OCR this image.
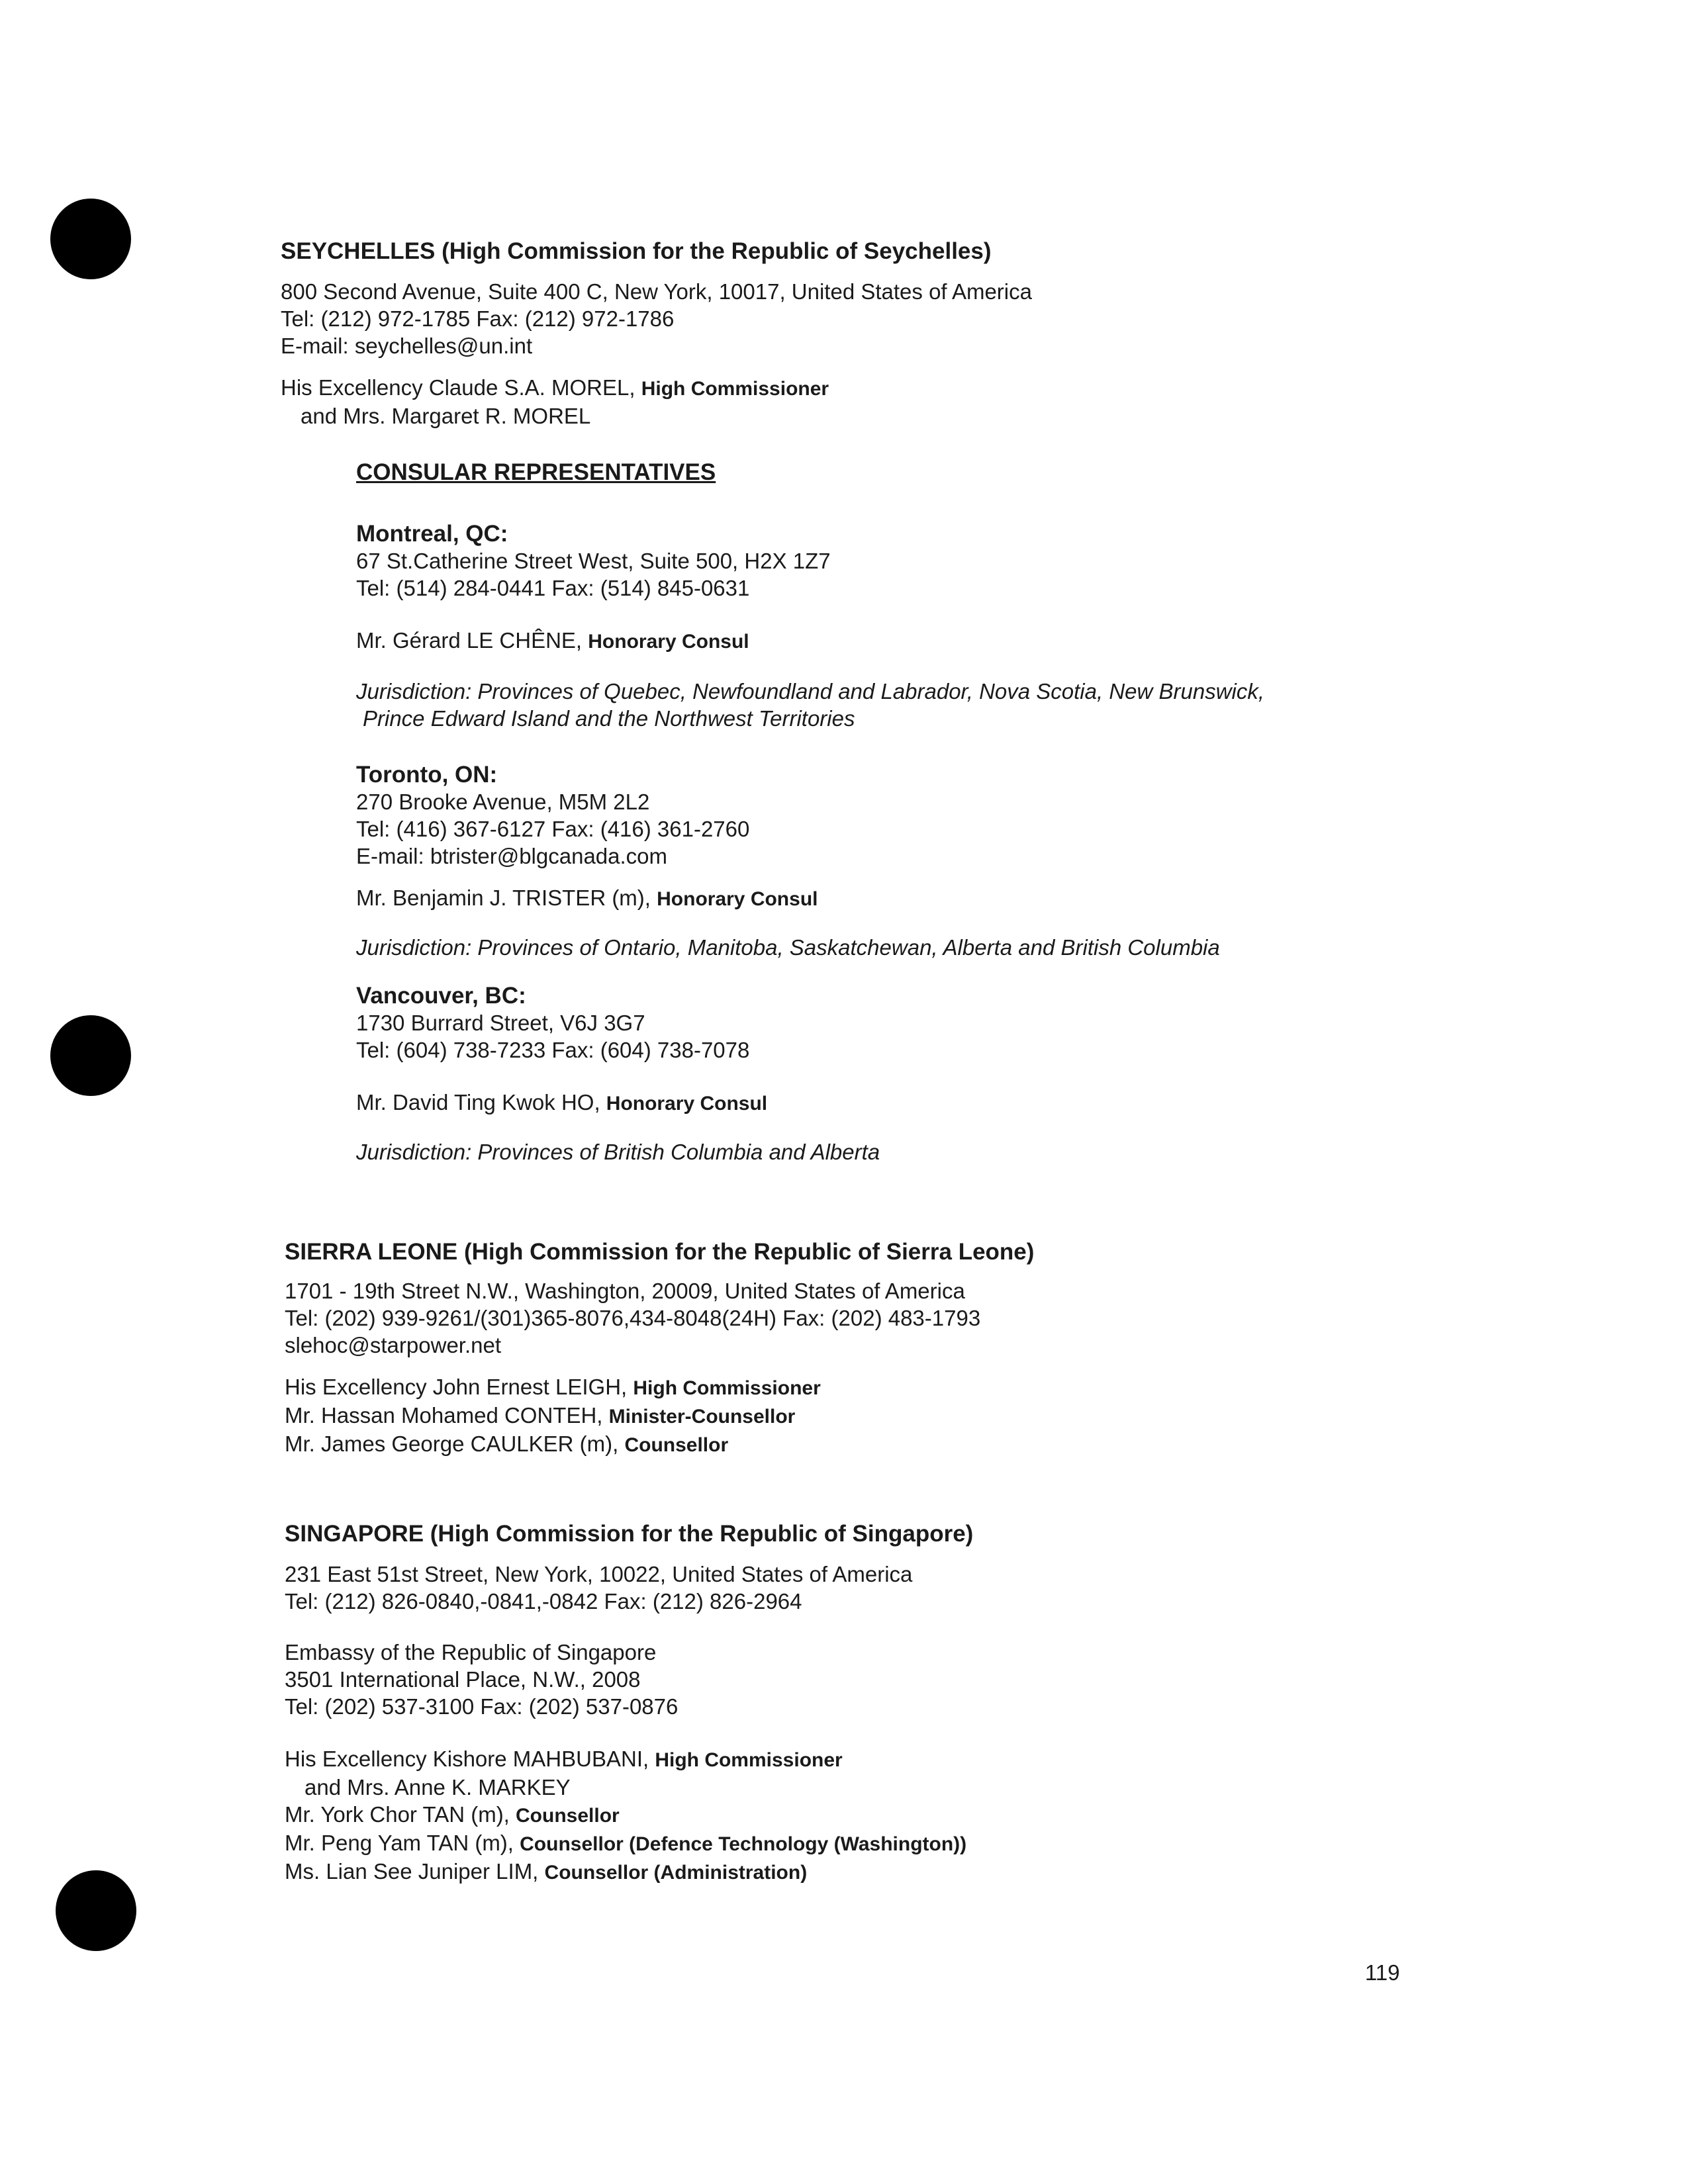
SEYCHELLES (High Commission for the Republic of Seychelles)
800 Second Avenue, Suite 400 C, New York, 10017, United States of America
Tel: (212) 972-1785 Fax: (212) 972-1786
E-mail: seychelles@un.int
His Excellency Claude S.A. MOREL, High Commissioner
and Mrs. Margaret R. MOREL
CONSULAR REPRESENTATIVES
Montreal, QC:
67 St.Catherine Street West, Suite 500, H2X 1Z7
Tel: (514) 284-0441 Fax: (514) 845-0631
Mr. Gérard LE CHÊNE, Honorary Consul
Jurisdiction: Provinces of Quebec, Newfoundland and Labrador, Nova Scotia, New Brunswick,
Prince Edward Island and the Northwest Territories
Toronto, ON:
270 Brooke Avenue, M5M 2L2
Tel: (416) 367-6127 Fax: (416) 361-2760
E-mail: btrister@blgcanada.com
Mr. Benjamin J. TRISTER (m), Honorary Consul
Jurisdiction: Provinces of Ontario, Manitoba, Saskatchewan, Alberta and British Columbia
Vancouver, BC:
1730 Burrard Street, V6J 3G7
Tel: (604) 738-7233 Fax: (604) 738-7078
Mr. David Ting Kwok HO, Honorary Consul
Jurisdiction: Provinces of British Columbia and Alberta
SIERRA LEONE (High Commission for the Republic of Sierra Leone)
1701 - 19th Street N.W., Washington, 20009, United States of America
Tel: (202) 939-9261/(301)365-8076,434-8048(24H) Fax: (202) 483-1793
slehoc@starpower.net
His Excellency John Ernest LEIGH, High Commissioner
Mr. Hassan Mohamed CONTEH, Minister-Counsellor
Mr. James George CAULKER (m), Counsellor
SINGAPORE (High Commission for the Republic of Singapore)
231 East 51st Street, New York, 10022, United States of America
Tel: (212) 826-0840,-0841,-0842 Fax: (212) 826-2964
Embassy of the Republic of Singapore
3501 International Place, N.W., 2008
Tel: (202) 537-3100 Fax: (202) 537-0876
His Excellency Kishore MAHBUBANI, High Commissioner
and Mrs. Anne K. MARKEY
Mr. York Chor TAN (m), Counsellor
Mr. Peng Yam TAN (m), Counsellor (Defence Technology (Washington))
Ms. Lian See Juniper LIM, Counsellor (Administration)
119
